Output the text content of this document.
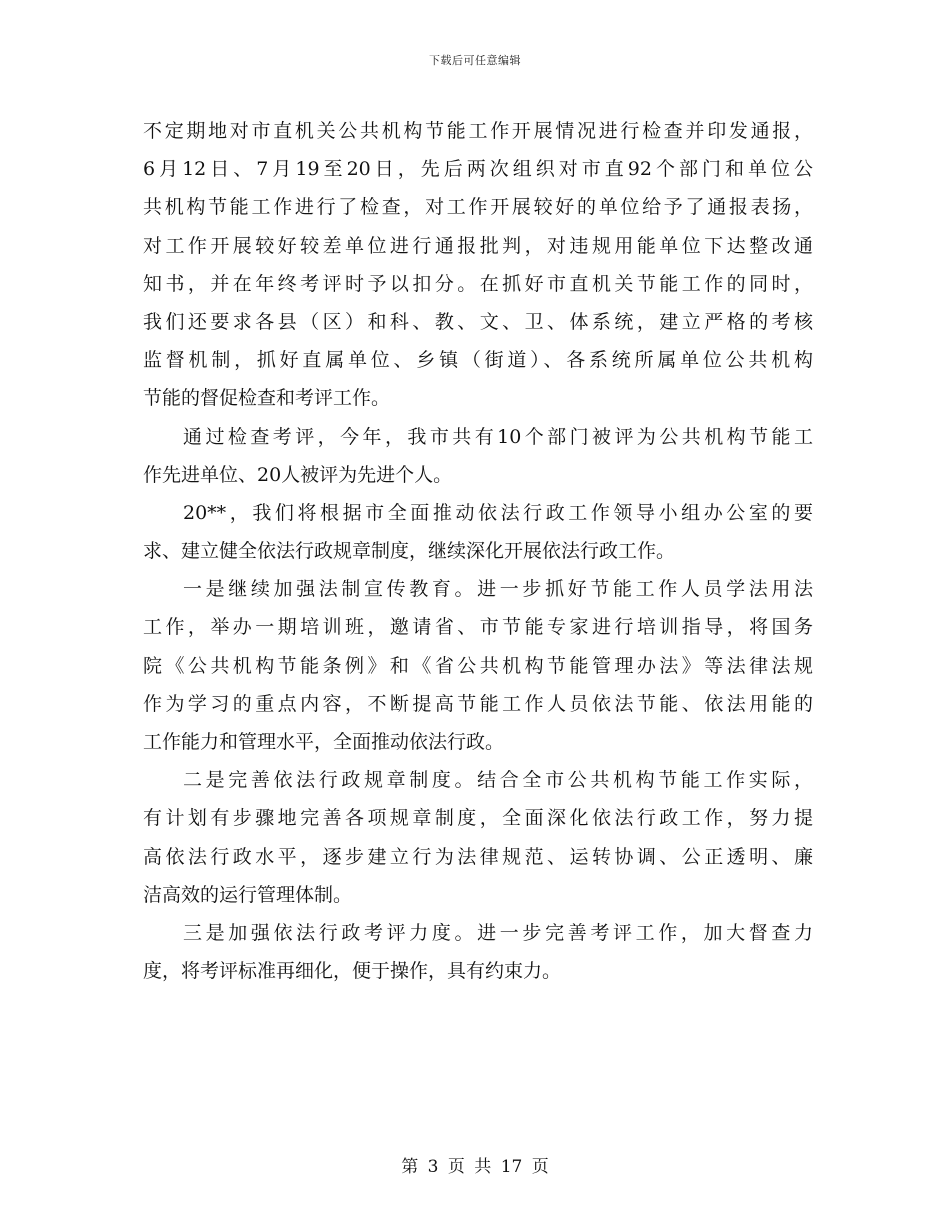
下载后可任意编辑
不定期地对市直机关公共机构节能工作开展情况进行检查并印发通报，
6月12日、7月19至20日，先后两次组织对市直92个部门和单位公
共机构节能工作进行了检查，对工作开展较好的单位给予了通报表扬，
对工作开展较好较差单位进行通报批判，对违规用能单位下达整改通
知书，并在年终考评时予以扣分。在抓好市直机关节能工作的同时，
我们还要求各县（区）和科、教、文、卫、体系统，建立严格的考核
监督机制，抓好直属单位、乡镇（街道）、各系统所属单位公共机构
节能的督促检查和考评工作。
通过检查考评，今年，我市共有10个部门被评为公共机构节能工
作先进单位、20人被评为先进个人。
20**，我们将根据市全面推动依法行政工作领导小组办公室的要
求、建立健全依法行政规章制度，继续深化开展依法行政工作。
一是继续加强法制宣传教育。进一步抓好节能工作人员学法用法
工作，举办一期培训班，邀请省、市节能专家进行培训指导，将国务
院《公共机构节能条例》和《省公共机构节能管理办法》等法律法规
作为学习的重点内容，不断提高节能工作人员依法节能、依法用能的
工作能力和管理水平，全面推动依法行政。
二是完善依法行政规章制度。结合全市公共机构节能工作实际，
有计划有步骤地完善各项规章制度，全面深化依法行政工作，努力提
高依法行政水平，逐步建立行为法律规范、运转协调、公正透明、廉
洁高效的运行管理体制。
三是加强依法行政考评力度。进一步完善考评工作，加大督查力
度，将考评标准再细化，便于操作，具有约束力。
第 3 页 共 17 页
